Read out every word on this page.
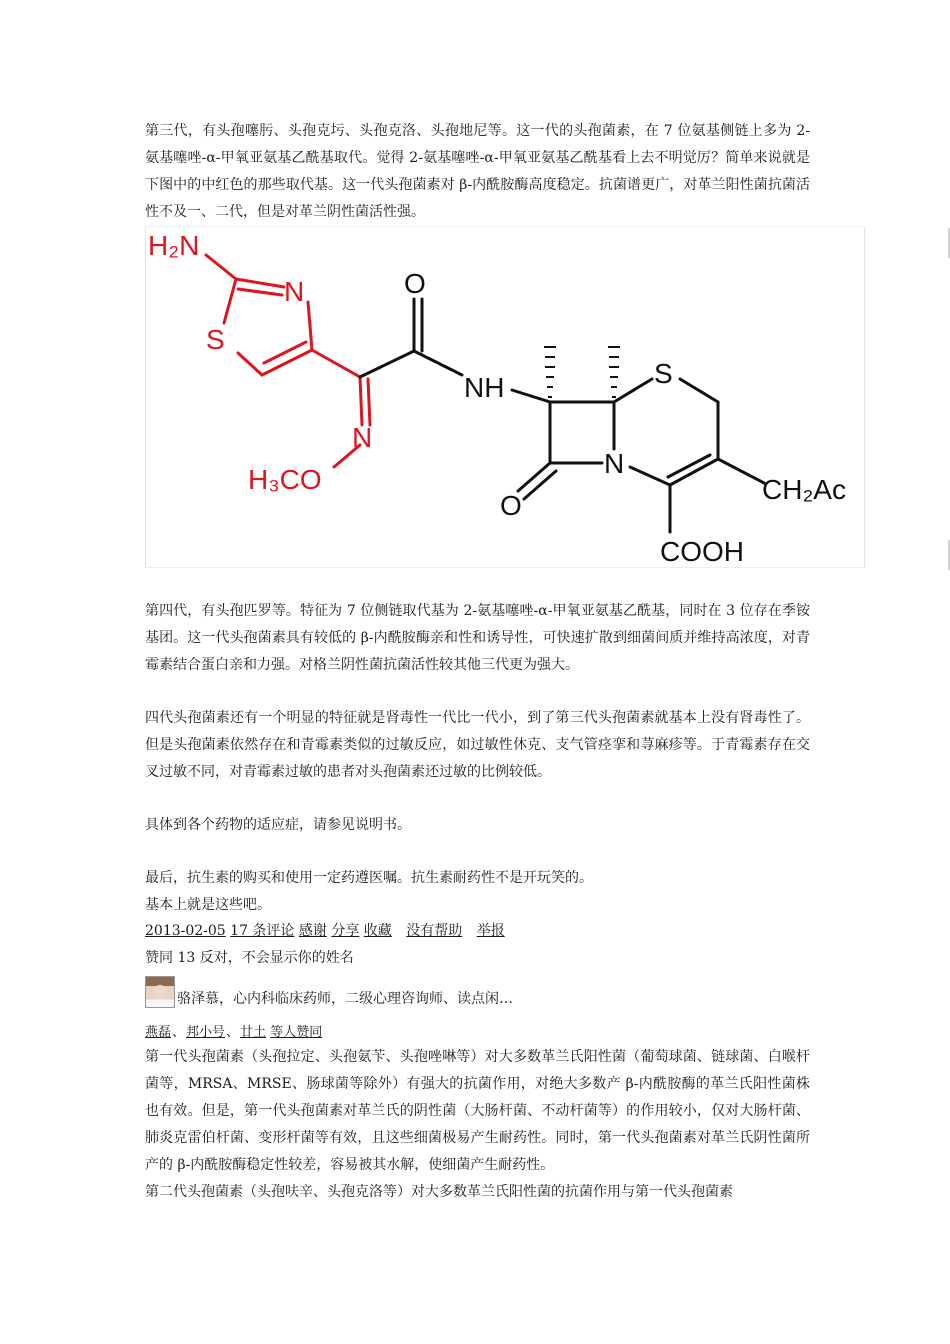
第三代，有头孢噻肟、头孢克圬、头孢克洛、头孢地尼等。这一代的头孢菌素，在 7 位氨基侧链上多为 2-氨基噻唑-α-甲氧亚氨基乙酰基取代。觉得 2-氨基噻唑-α-甲氧亚氨基乙酰基看上去不明觉厉？简单来说就是下图中的中红色的那些取代基。这一代头孢菌素对 β-内酰胺酶高度稳定。抗菌谱更广，对革兰阳性菌抗菌活性不及一、二代，但是对革兰阴性菌活性强。

H₂N
N
S
N
H₃CO
O
NH	S
N
O
CH₂Ac
COOH

第四代，有头孢匹罗等。特征为 7 位侧链取代基为 2-氨基噻唑-α-甲氧亚氨基乙酰基，同时在 3 位存在季铵基团。这一代头孢菌素具有较低的 β-内酰胺酶亲和性和诱导性，可快速扩散到细菌间质并维持高浓度，对青霉素结合蛋白亲和力强。对格兰阴性菌抗菌活性较其他三代更为强大。

四代头孢菌素还有一个明显的特征就是肾毒性一代比一代小，到了第三代头孢菌素就基本上没有肾毒性了。但是头孢菌素依然存在和青霉素类似的过敏反应，如过敏性休克、支气管痉挛和荨麻疹等。于青霉素存在交叉过敏不同，对青霉素过敏的患者对头孢菌素还过敏的比例较低。

具体到各个药物的适应症，请参见说明书。

最后，抗生素的购买和使用一定药遵医嘱。抗生素耐药性不是开玩笑的。

基本上就是这些吧。

2013-02-05 17 条评论 感谢 分享 收藏 没有帮助 举报
赞同 13 反对，不会显示你的姓名
骆泽慕，心内科临床药师，二级心理咨询师、读点闲…
燕磊、邦小号、廿土 等人赞同

第一代头孢菌素（头孢拉定、头孢氨苄、头孢唑啉等）对大多数革兰氏阳性菌（葡萄球菌、链球菌、白喉杆菌等，MRSA、MRSE、肠球菌等除外）有强大的抗菌作用，对绝大多数产 β-内酰胺酶的革兰氏阳性菌株也有效。但是，第一代头孢菌素对革兰氏的阴性菌（大肠杆菌、不动杆菌等）的作用较小，仅对大肠杆菌、肺炎克雷伯杆菌、变形杆菌等有效，且这些细菌极易产生耐药性。同时，第一代头孢菌素对革兰氏阴性菌所产的 β-内酰胺酶稳定性较差，容易被其水解，使细菌产生耐药性。

第二代头孢菌素（头孢呋辛、头孢克洛等）对大多数革兰氏阳性菌的抗菌作用与第一代头孢菌素
